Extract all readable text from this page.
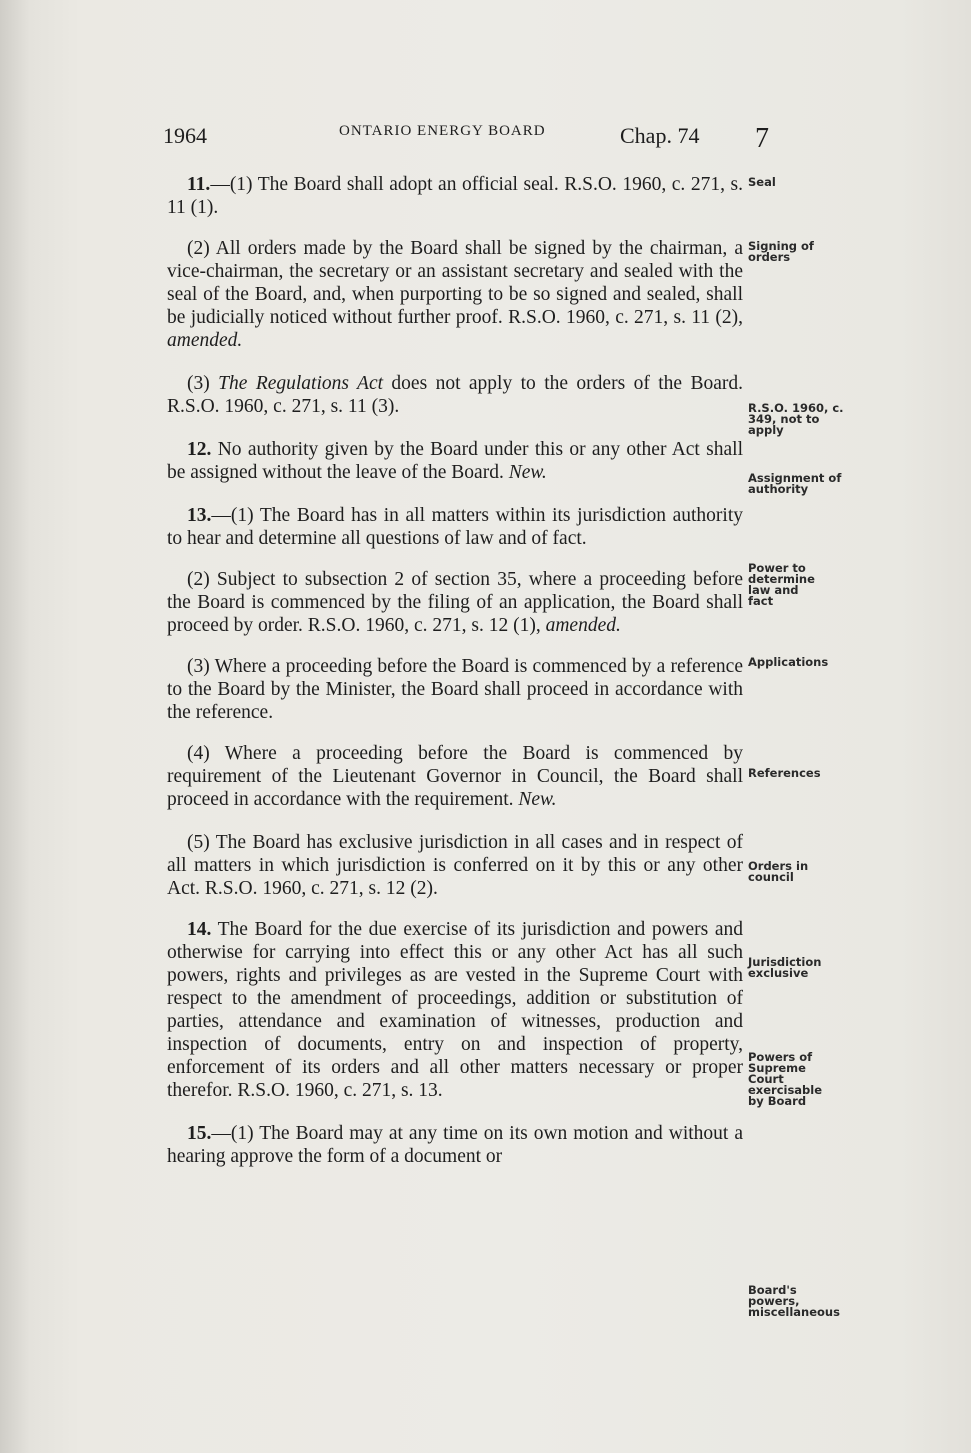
1964	ONTARIO ENERGY BOARD	Chap. 74 7

11.—(1) The Board shall adopt an official seal. R.S.O. 1960, c. 271, s. 11 (1).

(2) All orders made by the Board shall be signed by the chairman, a vice-chairman, the secretary or an assistant secretary and sealed with the seal of the Board, and, when purporting to be so signed and sealed, shall be judicially noticed without further proof. R.S.O. 1960, c. 271, s. 11 (2), amended.

(3) The Regulations Act does not apply to the orders of the Board. R.S.O. 1960, c. 271, s. 11 (3).

12. No authority given by the Board under this or any other Act shall be assigned without the leave of the Board. New.

13.—(1) The Board has in all matters within its jurisdiction authority to hear and determine all questions of law and of fact.

(2) Subject to subsection 2 of section 35, where a proceeding before the Board is commenced by the filing of an application, the Board shall proceed by order. R.S.O. 1960, c. 271, s. 12 (1), amended.

(3) Where a proceeding before the Board is commenced by a reference to the Board by the Minister, the Board shall proceed in accordance with the reference.

(4) Where a proceeding before the Board is commenced by requirement of the Lieutenant Governor in Council, the Board shall proceed in accordance with the requirement. New.

(5) The Board has exclusive jurisdiction in all cases and in respect of all matters in which jurisdiction is conferred on it by this or any other Act. R.S.O. 1960, c. 271, s. 12 (2).

14. The Board for the due exercise of its jurisdiction and powers and otherwise for carrying into effect this or any other Act has all such powers, rights and privileges as are vested in the Supreme Court with respect to the amendment of proceedings, addition or substitution of parties, attendance and examination of witnesses, production and inspection of documents, entry on and inspection of property, enforcement of its orders and all other matters necessary or proper therefor. R.S.O. 1960, c. 271, s. 13.

15.—(1) The Board may at any time on its own motion and without a hearing approve the form of a document or

Seal
Signing of orders
R.S.O. 1960, c. 349, not to apply
Assignment of authority
Power to determine law and fact
Applications
References
Orders in council
Jurisdiction exclusive
Powers of Supreme Court exercisable by Board
Board's powers, miscellaneous
